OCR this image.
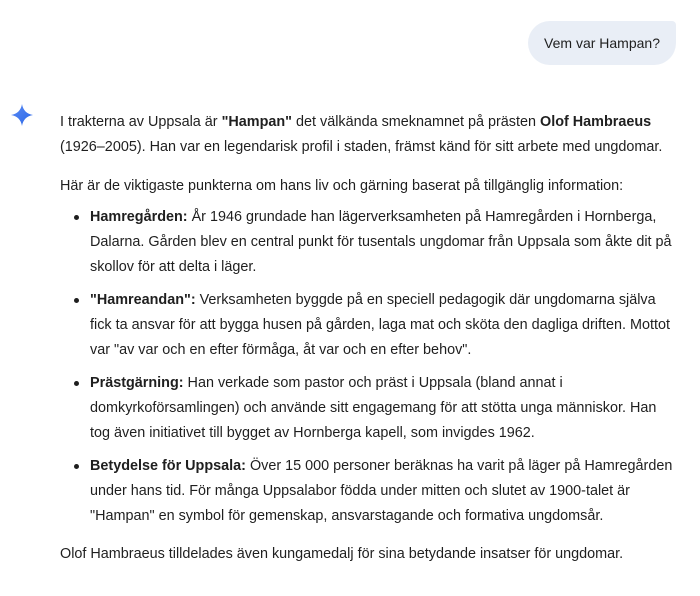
Vem var Hampan?

I trakterna av Uppsala är "Hampan" det välkända smeknamnet på prästen Olof Hambraeus (1926–2005). Han var en legendarisk profil i staden, främst känd för sitt arbete med ungdomar.

Här är de viktigaste punkterna om hans liv och gärning baserat på tillgänglig information:

Hamregården: År 1946 grundade han lägerverksamheten på Hamregården i Hornberga, Dalarna. Gården blev en central punkt för tusentals ungdomar från Uppsala som åkte dit på skollov för att delta i läger.
"Hamreandan": Verksamheten byggde på en speciell pedagogik där ungdomarna själva fick ta ansvar för att bygga husen på gården, laga mat och sköta den dagliga driften. Mottot var "av var och en efter förmåga, åt var och en efter behov".
Prästgärning: Han verkade som pastor och präst i Uppsala (bland annat i domkyrkoförsamlingen) och använde sitt engagemang för att stötta unga människor. Han tog även initiativet till bygget av Hornberga kapell, som invigdes 1962.
Betydelse för Uppsala: Över 15 000 personer beräknas ha varit på läger på Hamregården under hans tid. För många Uppsalabor födda under mitten och slutet av 1900-talet är "Hampan" en symbol för gemenskap, ansvarstagande och formativa ungdomsår.

Olof Hambraeus tilldelades även kungamedalj för sina betydande insatser för ungdomar.
